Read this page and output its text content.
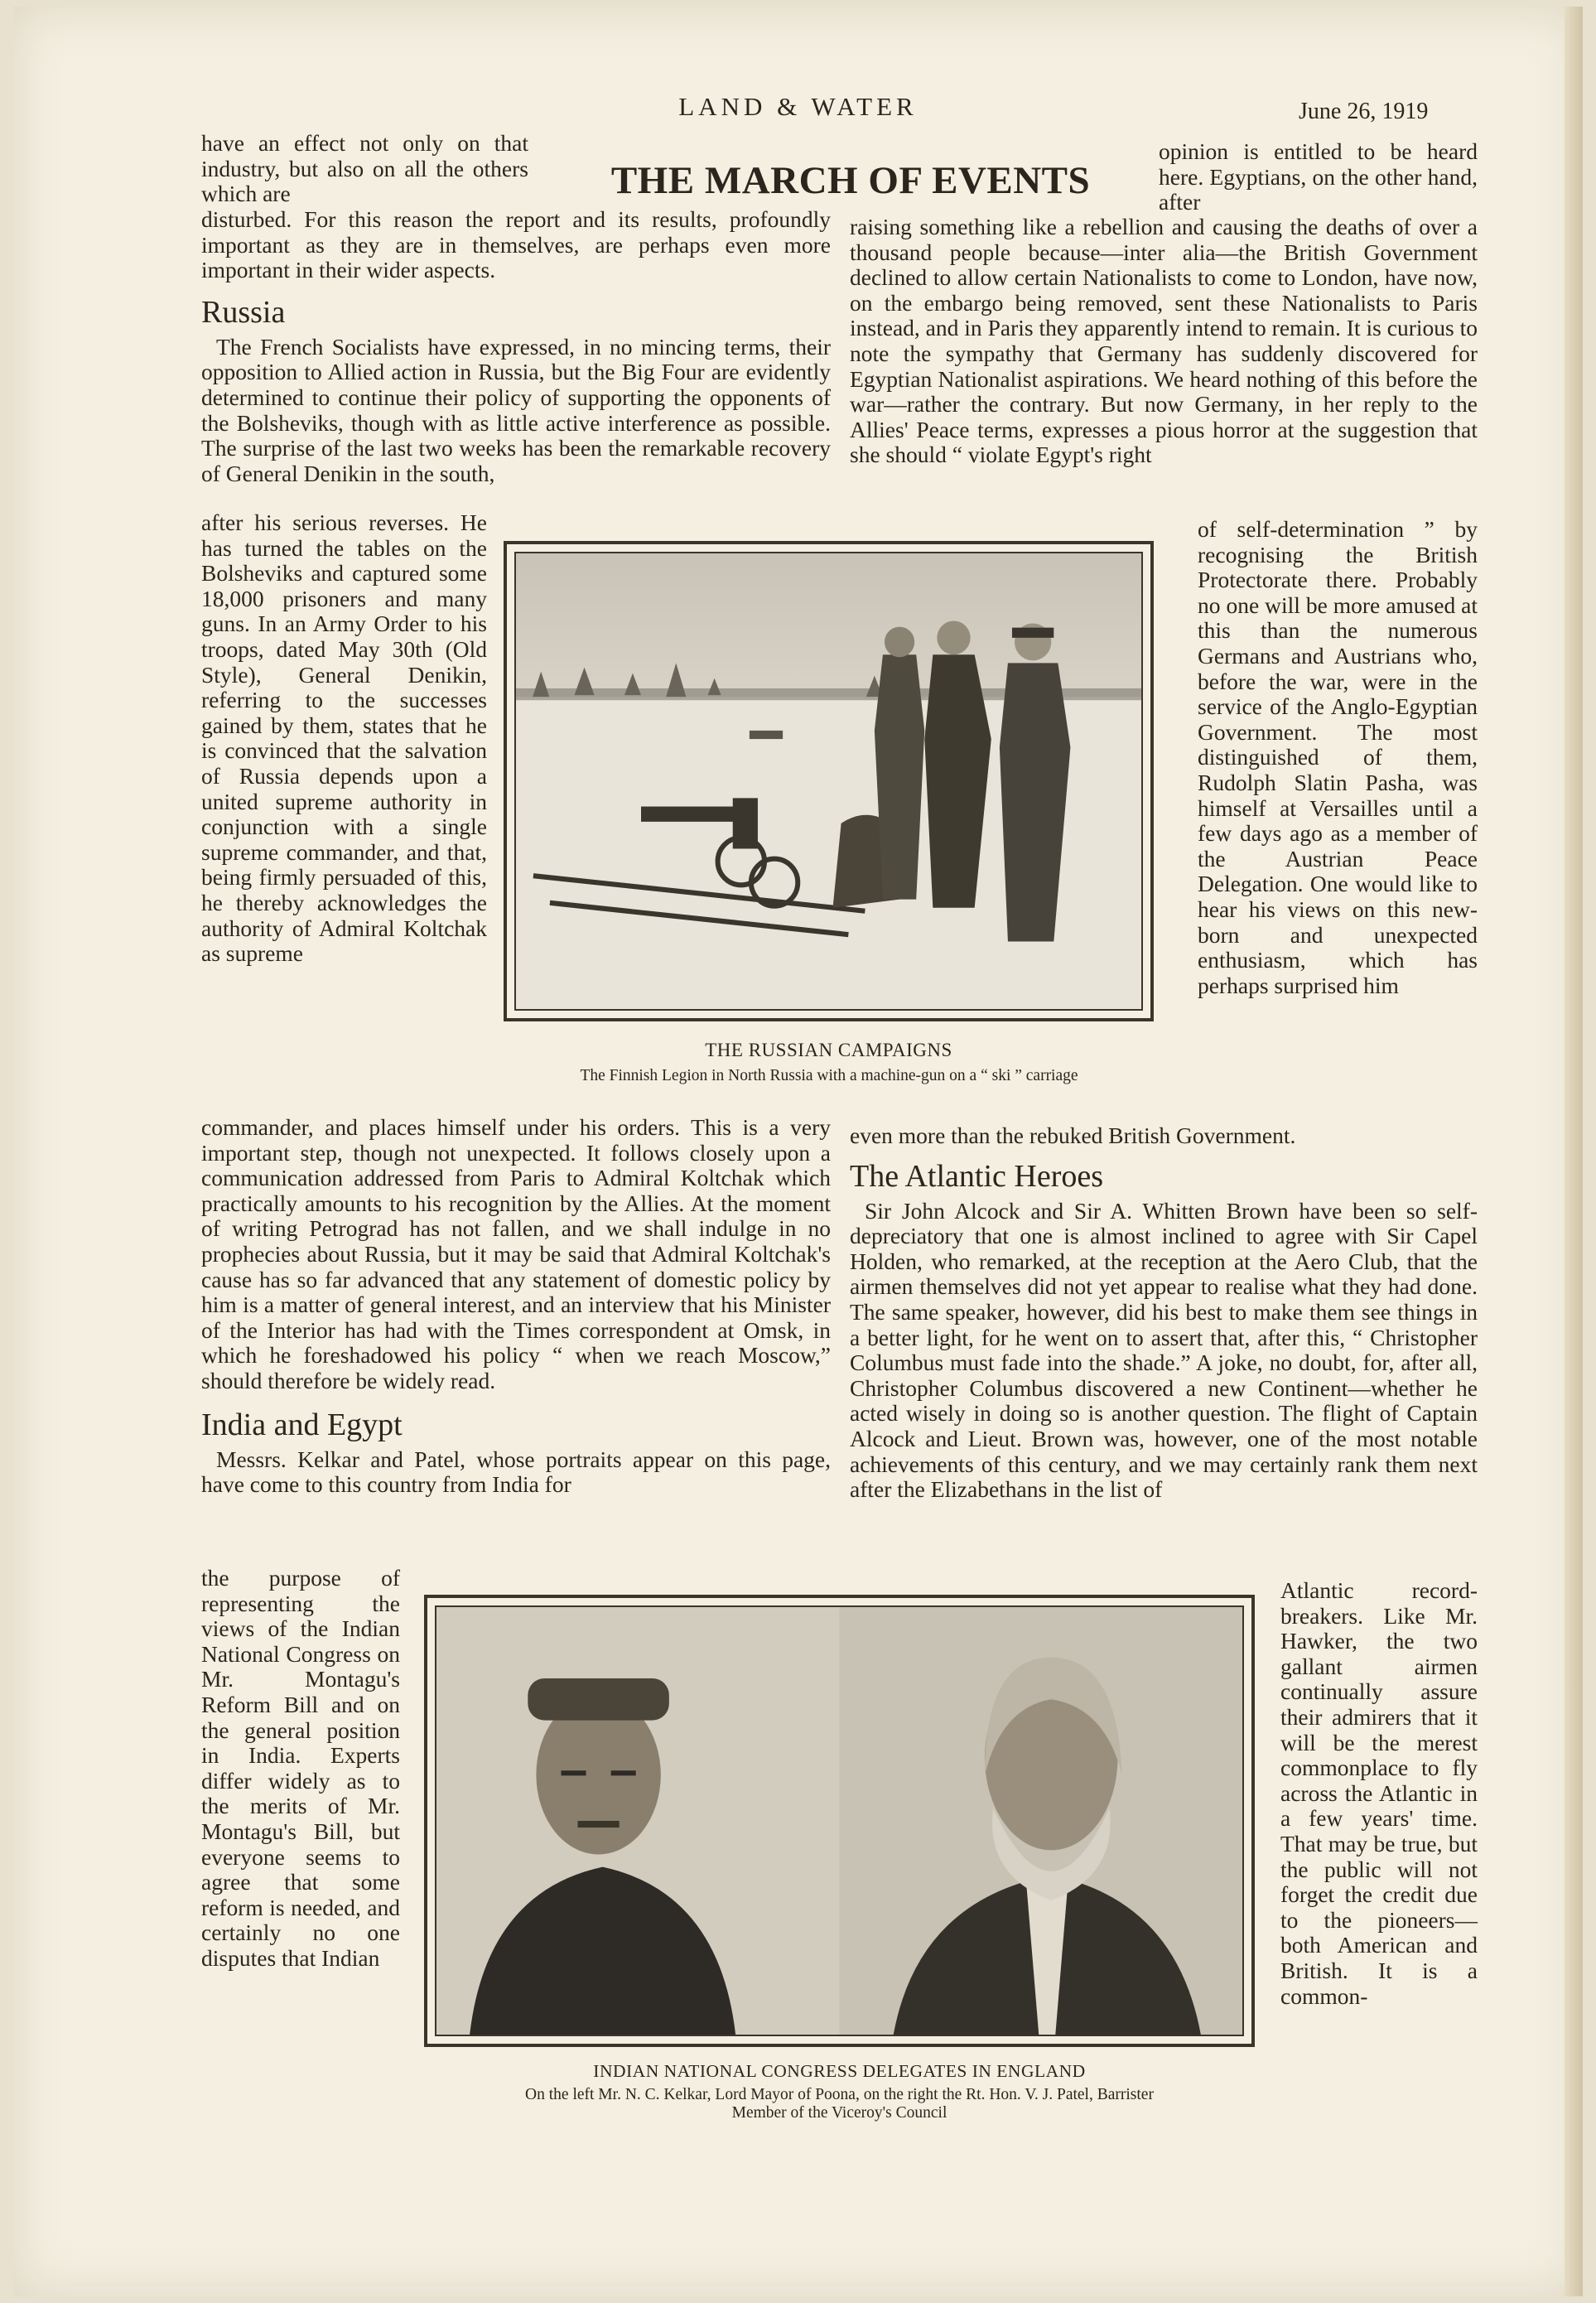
LAND & WATER	June 26, 1919
THE MARCH OF EVENTS
have an effect not only on that industry, but also on all the others which are

disturbed. For this reason the report and its results, profoundly important as they are in themselves, are perhaps even more important in their wider aspects.

Russia

The French Socialists have expressed, in no mincing terms, their opposition to Allied action in Russia, but the Big Four are evidently determined to continue their policy of supporting the opponents of the Bolsheviks, though with as little active interference as possible. The surprise of the last two weeks has been the remarkable recovery of General Denikin in the south,

after his serious reverses. He has turned the tables on the Bolsheviks and captured some 18,000 prisoners and many guns. In an Army Order to his troops, dated May 30th (Old Style), General Denikin, referring to the successes gained by them, states that he is convinced that the salvation of Russia depends upon a united supreme authority in conjunction with a single supreme commander, and that, being firmly persuaded of this, he thereby acknowledges the authority of Admiral Koltchak as supreme

commander, and places himself under his orders. This is a very important step, though not unexpected. It follows closely upon a communication addressed from Paris to Admiral Koltchak which practically amounts to his recognition by the Allies. At the moment of writing Petrograd has not fallen, and we shall indulge in no prophecies about Russia, but it may be said that Admiral Koltchak's cause has so far advanced that any statement of domestic policy by him is a matter of general interest, and an interview that his Minister of the Interior has had with the Times correspondent at Omsk, in which he foreshadowed his policy “ when we reach Moscow,” should therefore be widely read.

India and Egypt

Messrs. Kelkar and Patel, whose portraits appear on this page, have come to this country from India for

the purpose of representing the views of the Indian National Congress on Mr. Montagu's Reform Bill and on the general position in India. Experts differ widely as to the merits of Mr. Montagu's Bill, but everyone seems to agree that some reform is needed, and certainly no one disputes that Indian
opinion is entitled to be heard here. Egyptians, on the other hand, after

raising something like a rebellion and causing the deaths of over a thousand people because—inter alia—the British Government declined to allow certain Nationalists to come to London, have now, on the embargo being removed, sent these Nationalists to Paris instead, and in Paris they apparently intend to remain. It is curious to note the sympathy that Germany has suddenly discovered for Egyptian Nationalist aspirations. We heard nothing of this before the war—rather the contrary. But now Germany, in her reply to the Allies' Peace terms, expresses a pious horror at the suggestion that she should “ violate Egypt's right

of self-determination ” by recognising the British Protectorate there. Probably no one will be more amused at this than the numerous Germans and Austrians who, before the war, were in the service of the Anglo-Egyptian Government. The most distinguished of them, Rudolph Slatin Pasha, was himself at Versailles until a few days ago as a member of the Austrian Peace Delegation. One would like to hear his views on this new-born and unexpected enthusiasm, which has perhaps surprised him

even more than the rebuked British Government.

The Atlantic Heroes

Sir John Alcock and Sir A. Whitten Brown have been so self-depreciatory that one is almost inclined to agree with Sir Capel Holden, who remarked, at the reception at the Aero Club, that the airmen themselves did not yet appear to realise what they had done. The same speaker, however, did his best to make them see things in a better light, for he went on to assert that, after this, “ Christopher Columbus must fade into the shade.” A joke, no doubt, for, after all, Christopher Columbus discovered a new Continent—whether he acted wisely in doing so is another question. The flight of Captain Alcock and Lieut. Brown was, however, one of the most notable achievements of this century, and we may certainly rank them next after the Elizabethans in the list of

Atlantic record-breakers. Like Mr. Hawker, the two gallant airmen continually assure their admirers that it will be the merest commonplace to fly across the Atlantic in a few years' time. That may be true, but the public will not forget the credit due to the pioneers—both American and British. It is a common-
THE RUSSIAN CAMPAIGNS
The Finnish Legion in North Russia with a machine-gun on a “ ski ” carriage
INDIAN NATIONAL CONGRESS DELEGATES IN ENGLAND
On the left Mr. N. C. Kelkar, Lord Mayor of Poona, on the right the Rt. Hon. V. J. Patel, Barrister
Member of the Viceroy's Council
